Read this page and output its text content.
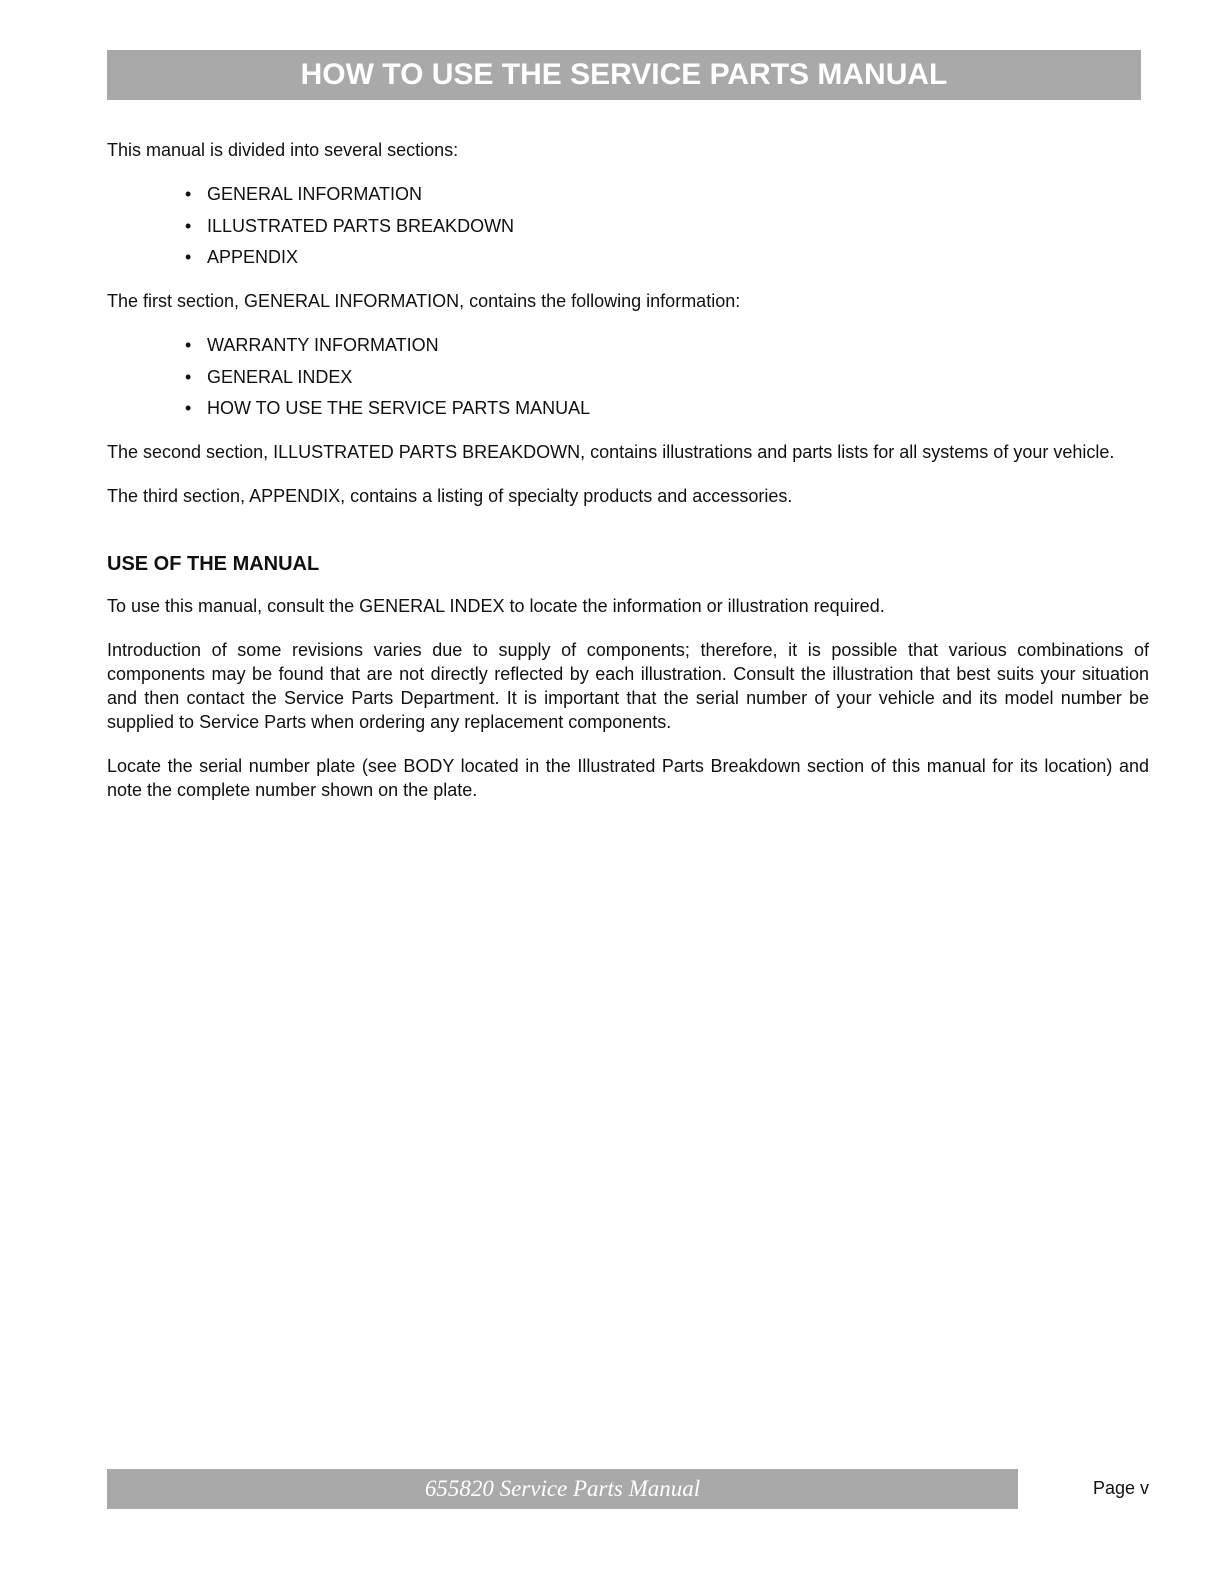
HOW TO USE THE SERVICE PARTS MANUAL

This manual is divided into several sections:

• GENERAL INFORMATION
• ILLUSTRATED PARTS BREAKDOWN
• APPENDIX

The first section, GENERAL INFORMATION, contains the following information:

• WARRANTY INFORMATION
• GENERAL INDEX
• HOW TO USE THE SERVICE PARTS MANUAL

The second section, ILLUSTRATED PARTS BREAKDOWN, contains illustrations and parts lists for all systems of your vehicle.

The third section, APPENDIX, contains a listing of specialty products and accessories.

USE OF THE MANUAL

To use this manual, consult the GENERAL INDEX to locate the information or illustration required.

Introduction of some revisions varies due to supply of components; therefore, it is possible that various combinations of components may be found that are not directly reflected by each illustration. Consult the illustration that best suits your situation and then contact the Service Parts Department. It is important that the serial number of your vehicle and its model number be supplied to Service Parts when ordering any replacement components.

Locate the serial number plate (see BODY located in the Illustrated Parts Breakdown section of this manual for its location) and note the complete number shown on the plate.

655820 Service Parts Manual	Page v
